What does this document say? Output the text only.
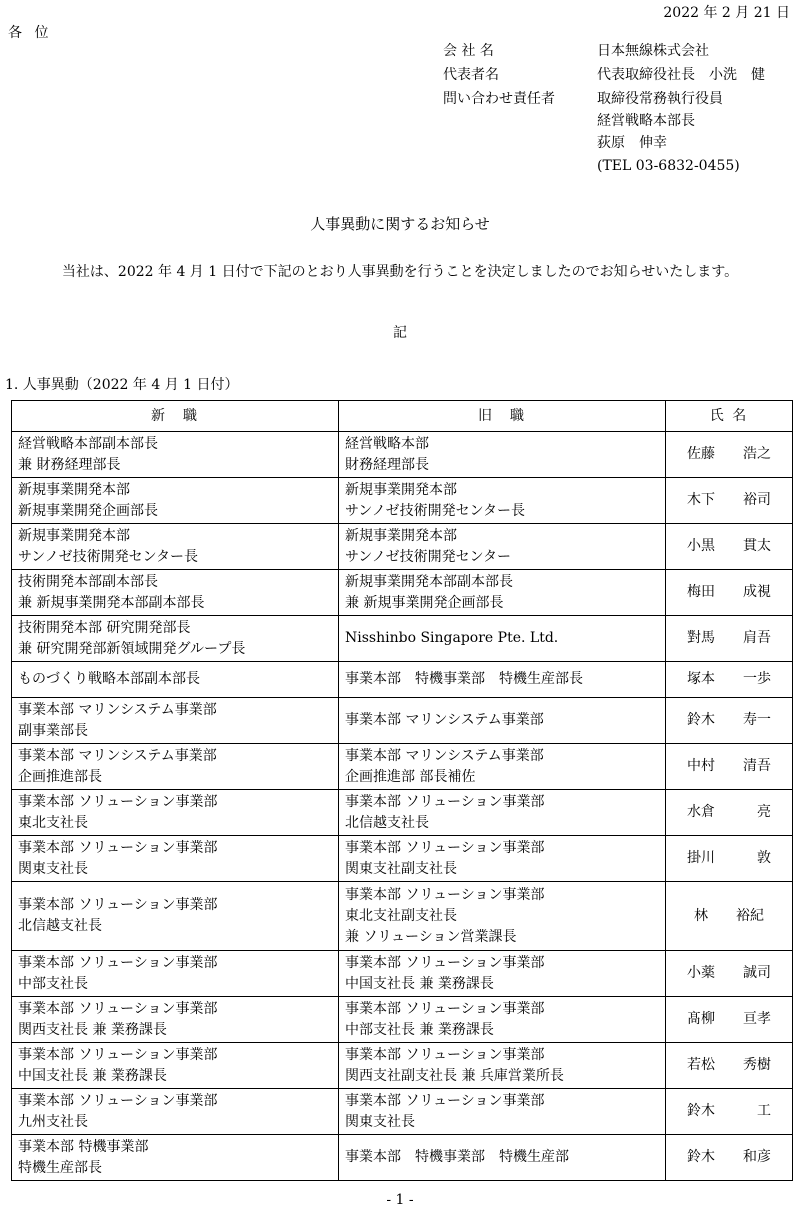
2022 年 2 月 21 日
各 位
会 社 名	日本無線株式会社
代表者名	代表取締役社長　小洗　健
問い合わせ責任者	取締役常務執行役員
経営戦略本部長
荻原　伸幸
(TEL 03-6832-0455)
人事異動に関するお知らせ
当社は、2022 年 4 月 1 日付で下記のとおり人事異動を行うことを決定しましたのでお知らせいたします。
記
1. 人事異動（2022 年 4 月 1 日付）
新　職	旧　職	氏 名

経営戦略本部副本部長
兼 財務経理部長	経営戦略本部
財務経理部長	佐藤　　浩之

新規事業開発本部
新規事業開発企画部長	新規事業開発本部
サンノゼ技術開発センター長	木下　　裕司

新規事業開発本部
サンノゼ技術開発センター長	新規事業開発本部
サンノゼ技術開発センター	小黒　　貫太

技術開発本部副本部長
兼 新規事業開発本部副本部長	新規事業開発本部副本部長
兼 新規事業開発企画部長	梅田　　成視

技術開発本部 研究開発部長
兼 研究開発部新領域開発グループ長	Nisshinbo Singapore Pte. Ltd.	對馬　　肩吾

ものづくり戦略本部副本部長	事業本部　特機事業部　特機生産部長	塚本　　一歩

事業本部 マリンシステム事業部
副事業部長	事業本部 マリンシステム事業部	鈴木　　寿一

事業本部 マリンシステム事業部
企画推進部長	事業本部 マリンシステム事業部
企画推進部 部長補佐	中村　　清吾

事業本部 ソリューション事業部
東北支社長	事業本部 ソリューション事業部
北信越支社長	水倉　　　亮

事業本部 ソリューション事業部
関東支社長	事業本部 ソリューション事業部
関東支社副支社長	掛川　　　敦

事業本部 ソリューション事業部
北信越支社長	事業本部 ソリューション事業部
東北支社副支社長
兼 ソリューション営業課長	林　　裕紀

事業本部 ソリューション事業部
中部支社長	事業本部 ソリューション事業部
中国支社長 兼 業務課長	小薬　　誠司

事業本部 ソリューション事業部
関西支社長 兼 業務課長	事業本部 ソリューション事業部
中部支社長 兼 業務課長	髙柳　　亘孝

事業本部 ソリューション事業部
中国支社長 兼 業務課長	事業本部 ソリューション事業部
関西支社副支社長 兼 兵庫営業所長	若松　　秀樹

事業本部 ソリューション事業部
九州支社長	事業本部 ソリューション事業部
関東支社長	鈴木　　　工

事業本部 特機事業部
特機生産部長	事業本部　特機事業部　特機生産部	鈴木　　和彦
- 1 -
